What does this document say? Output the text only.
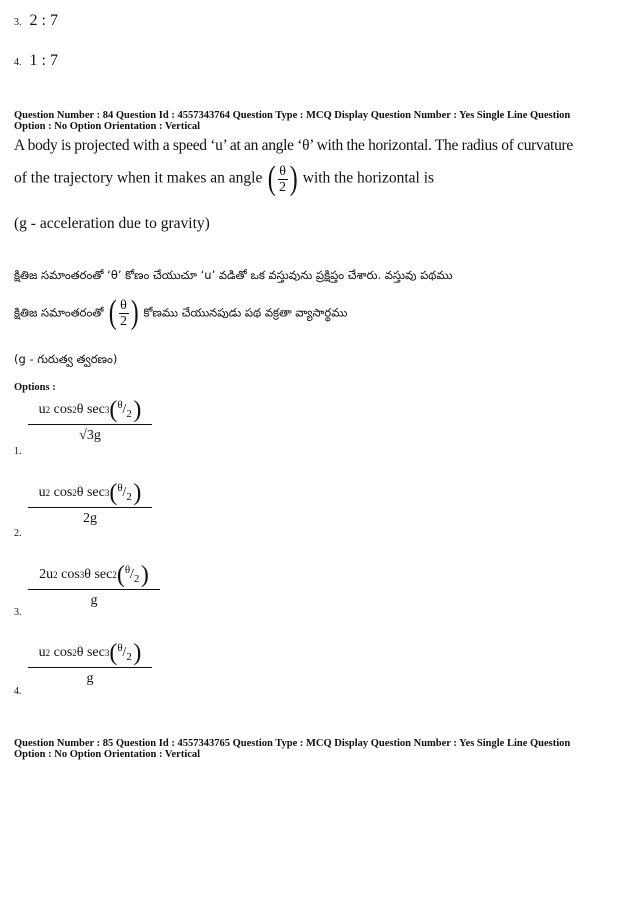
3. 2 : 7
4. 1 : 7
Question Number : 84 Question Id : 4557343764 Question Type : MCQ Display Question Number : Yes Single Line Question
Option : No Option Orientation : Vertical
A body is projected with a speed ‘u’ at an angle ‘θ’ with the horizontal. The radius of curvature
of the trajectory when it makes an angle ( $\frac{\theta}{2}$ ) with the horizontal is
(g - acceleration due to gravity)
క్షితిజ సమాంతరంతో ‘θ’ కోణం చేయుచూ ‘u’ వడితో ఒక వస్తువును ప్రక్షిప్తం చేశారు. వస్తువు పథము
క్షితిజ సమాంతరంతో ( $\frac{\theta}{2}$ ) కోణము చేయునపుడు పథ వక్రతా వ్యాసార్థము
(g - గురుత్వ త్వరణం)
Options :
u 2 cos 2 θ sec 3 ( θ / 2 )
√3g
1.
u 2 cos 2 θ sec 3 ( θ / 2 )
2g
2.
2u 2 cos 3 θ sec 2 ( θ / 2 )
g
3.
u 2 cos 2 θ sec 3 ( θ / 2 )
g
4.
Question Number : 85 Question Id : 4557343765 Question Type : MCQ Display Question Number : Yes Single Line Question
Option : No Option Orientation : Vertical
